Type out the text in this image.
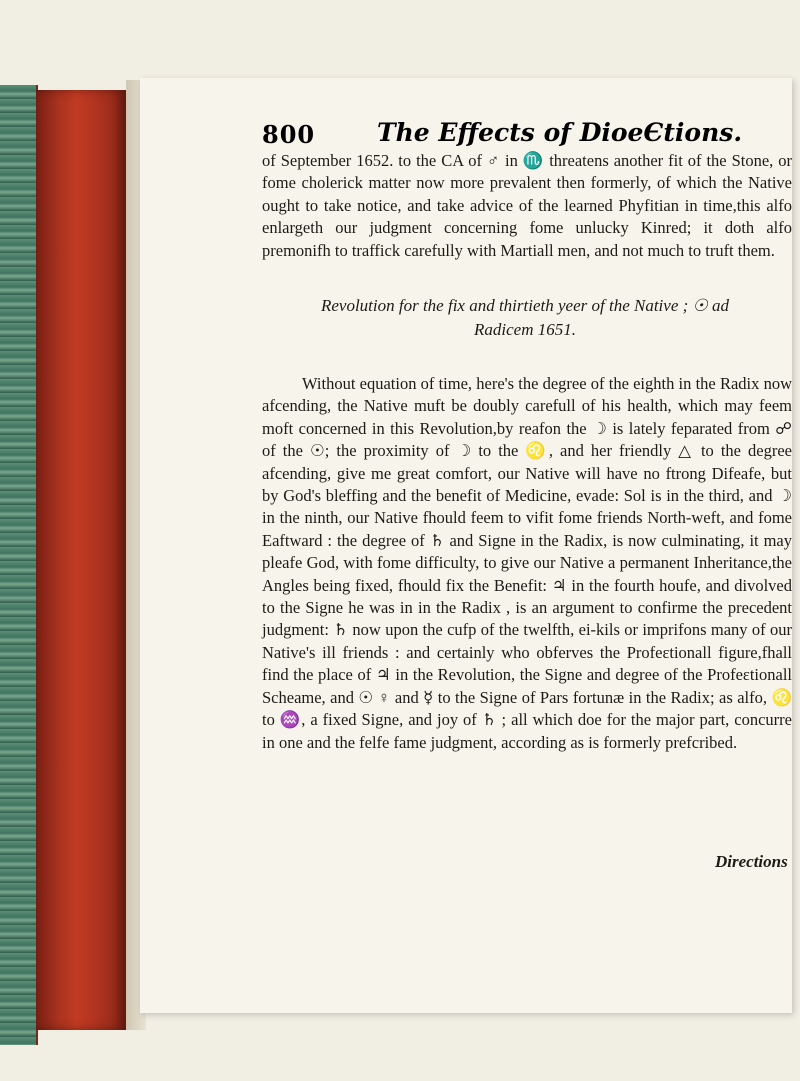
800 The Effects of DioeЄtions.
of September 1652. to the CA of ♂ in ♏ threatens another fit of the Stone, or fome cholerick matter now more prevalent then formerly, of which the Native ought to take notice, and take advice of the learned Phyfitian in time,this alfo enlargeth our judgment concerning fome unlucky Kinred; it doth alfo premonifh to traffick carefully with Martiall men, and not much to truft them.
Revolution for the fix and thirtieth yeer of the Native ; ☉ ad Radicem 1651.
Without equation of time, here's the degree of the eighth in the Radix now afcending, the Native muft be doubly carefull of his health, which may feem moft concerned in this Revolution,by reafon the ☽ is lately feparated from ☍ of the ☉; the proximity of ☽ to the ♌, and her friendly △ to the degree afcending, give me great comfort, our Native will have no ftrong Difeafe, but by God's bleffing and the benefit of Medicine, evade: Sol is in the third, and ☽ in the ninth, our Native fhould feem to vifit fome friends North-weft, and fome Eaftward : the degree of ♄ and Signe in the Radix, is now culminating, it may pleafe God, with fome difficulty, to give our Native a permanent Inheritance,the Angles being fixed, fhould fix the Benefit: ♃ in the fourth houfe, and divolved to the Signe he was in in the Radix , is an argument to confirme the precedent judgment: ♄ now upon the cufp of the twelfth, ei-kils or imprifons many of our Native's ill friends : and certainly who obferves the Profeɛtionall figure,fhall find the place of ♃ in the Revolution, the Signe and degree of the Profeɛtionall Scheame, and ☉ ♀ and ☿ to the Signe of Pars fortunæ in the Radix; as alfo, ♌ to ♒, a fixed Signe, and joy of ♄ ; all which doe for the major part, concurre in one and the felfe fame judgment, according as is formerly prefcribed.
Directions
